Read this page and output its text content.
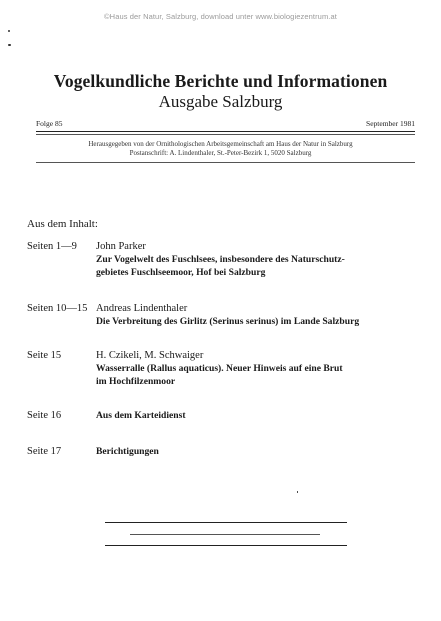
©Haus der Natur, Salzburg, download unter www.biologiezentrum.at
Vogelkundliche Berichte und Informationen
Ausgabe Salzburg
Folge 85	September 1981
Herausgegeben von der Ornithologischen Arbeitsgemeinschaft am Haus der Natur in Salzburg
Postanschrift: A. Lindenthaler, St.-Peter-Bezirk 1, 5020 Salzburg
Aus dem Inhalt:
Seiten 1—9 John Parker
Zur Vogelwelt des Fuschlsees, insbesondere des Naturschutz-
gebietes Fuschlseemoor, Hof bei Salzburg
Seiten 10—15 Andreas Lindenthaler
Die Verbreitung des Girlitz (Serinus serinus) im Lande Salzburg
Seite 15	H. Czikeli, M. Schwaiger
Wasserralle (Rallus aquaticus). Neuer Hinweis auf eine Brut
im Hochfilzenmoor
Seite 16	Aus dem Karteidienst
Seite 17	Berichtigungen
